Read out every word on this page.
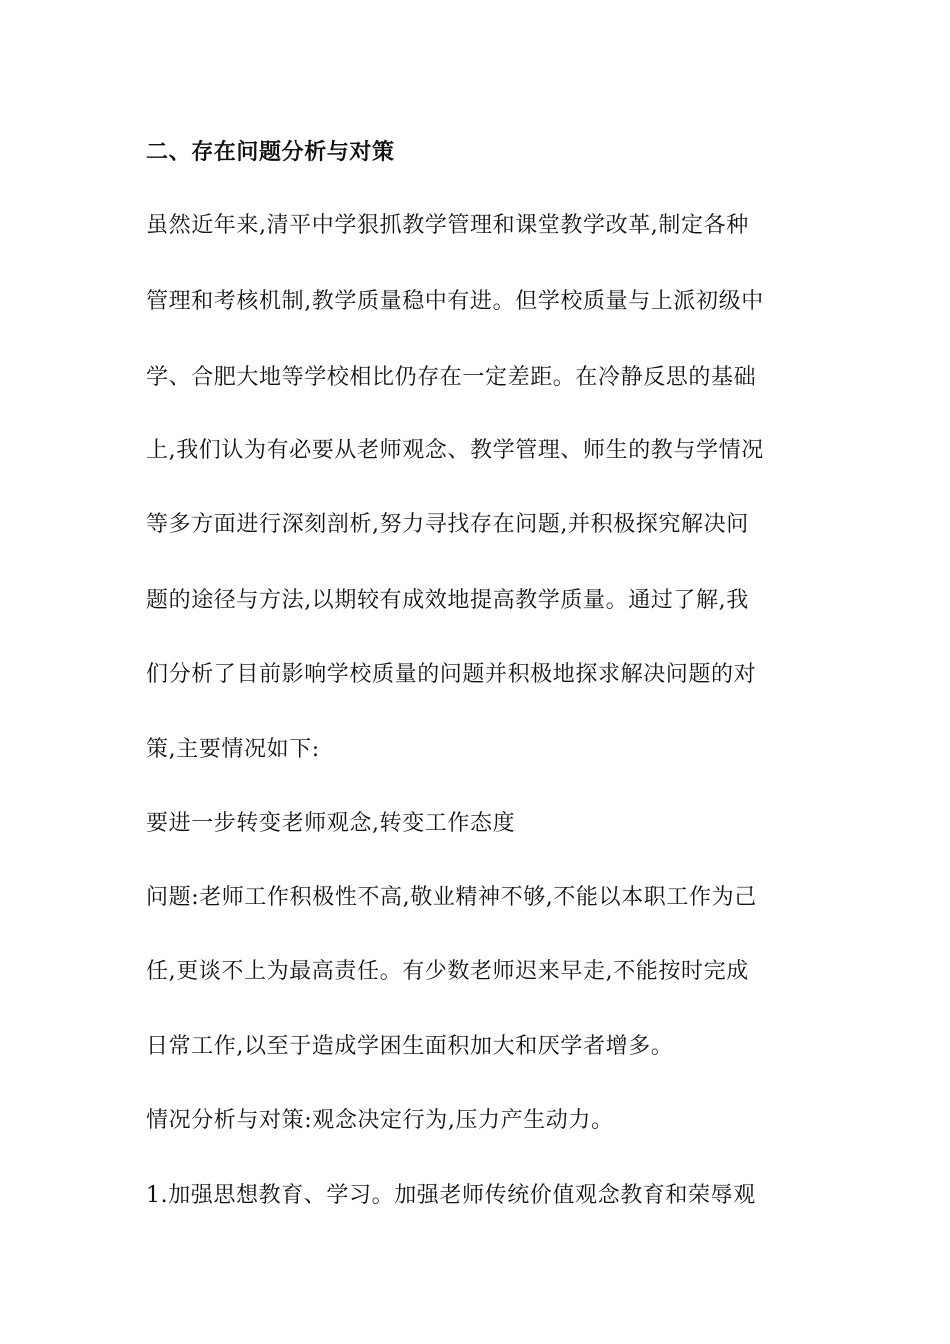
二、存在问题分析与对策

虽然近年来,清平中学狠抓教学管理和课堂教学改革,制定各种

管理和考核机制,教学质量稳中有进。但学校质量与上派初级中

学、合肥大地等学校相比仍存在一定差距。在冷静反思的基础

上,我们认为有必要从老师观念、教学管理、师生的教与学情况

等多方面进行深刻剖析,努力寻找存在问题,并积极探究解决问

题的途径与方法,以期较有成效地提高教学质量。通过了解,我

们分析了目前影响学校质量的问题并积极地探求解决问题的对

策,主要情况如下:

要进一步转变老师观念,转变工作态度

问题:老师工作积极性不高,敬业精神不够,不能以本职工作为己

任,更谈不上为最高责任。有少数老师迟来早走,不能按时完成

日常工作,以至于造成学困生面积加大和厌学者增多。

情况分析与对策:观念决定行为,压力产生动力。

1.加强思想教育、学习。加强老师传统价值观念教育和荣辱观
